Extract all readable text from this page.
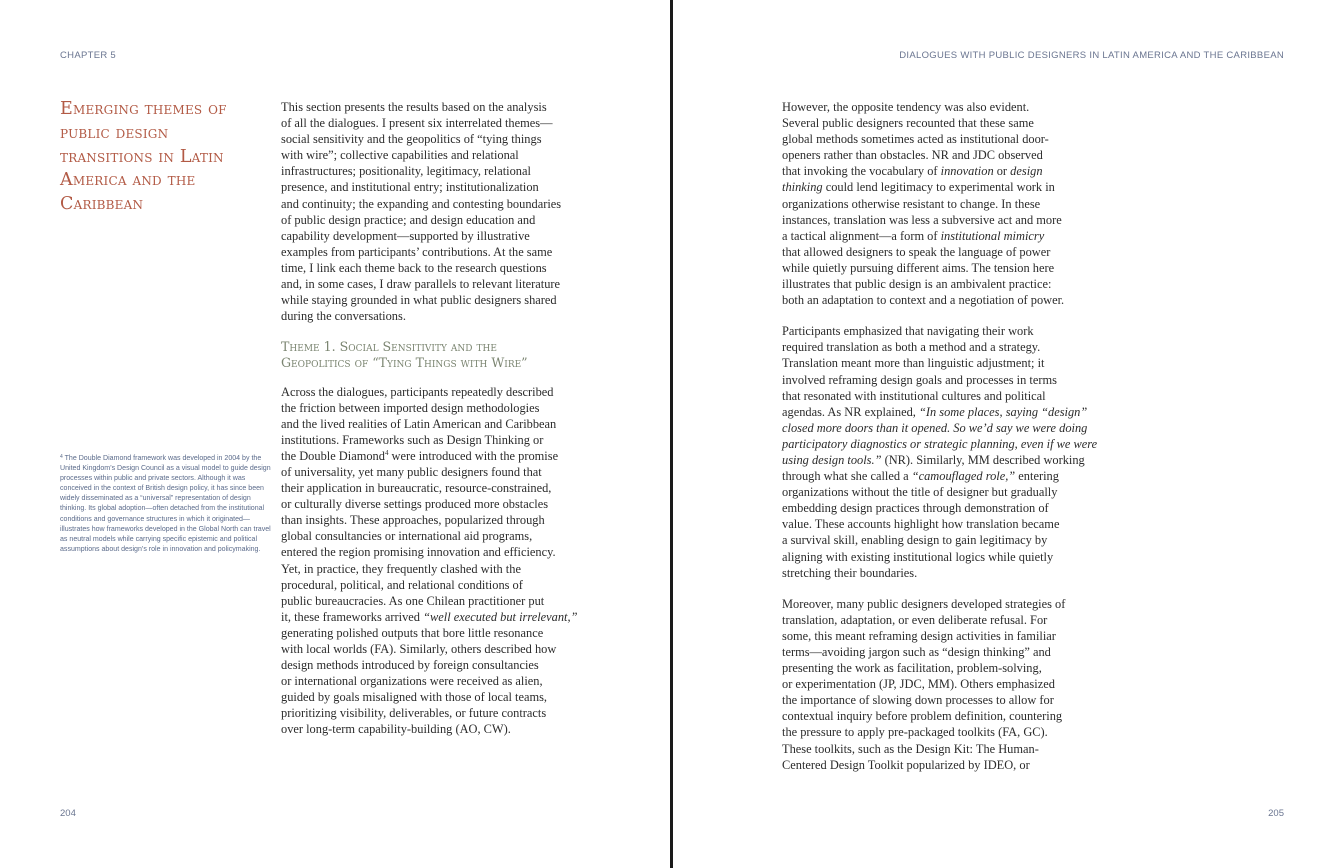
CHAPTER 5
Emerging themes of public design transitions in Latin America and the Caribbean
$^4$ The Double Diamond framework was developed in 2004 by the United Kingdom’s Design Council as a visual model to guide design processes within public and private sectors. Although it was conceived in the context of British design policy, it has since been widely disseminated as a “universal” representation of design thinking. Its global adoption—often detached from the institutional conditions and governance structures in which it originated—illustrates how frameworks developed in the Global North can travel as neutral models while carrying specific epistemic and political assumptions about design’s role in innovation and policymaking.

This section presents the results based on the analysis
of all the dialogues. I present six interrelated themes—
social sensitivity and the geopolitics of “tying things
with wire”; collective capabilities and relational
infrastructures; positionality, legitimacy, relational
presence, and institutional entry; institutionalization
and continuity; the expanding and contesting boundaries
of public design practice; and design education and
capability development—supported by illustrative
examples from participants’ contributions. At the same
time, I link each theme back to the research questions
and, in some cases, I draw parallels to relevant literature
while staying grounded in what public designers shared
during the conversations.

Theme 1. Social Sensitivity and the
Geopolitics of “Tying Things with Wire”

Across the dialogues, participants repeatedly described
the friction between imported design methodologies
and the lived realities of Latin American and Caribbean
institutions. Frameworks such as Design Thinking or
the Double Diamond$^4$ were introduced with the promise
of universality, yet many public designers found that
their application in bureaucratic, resource-constrained,
or culturally diverse settings produced more obstacles
than insights. These approaches, popularized through
global consultancies or international aid programs,
entered the region promising innovation and efficiency.
Yet, in practice, they frequently clashed with the
procedural, political, and relational conditions of
public bureaucracies. As one Chilean practitioner put
it, these frameworks arrived “well executed but irrelevant,”
generating polished outputs that bore little resonance
with local worlds (FA). Similarly, others described how
design methods introduced by foreign consultancies
or international organizations were received as alien,
guided by goals misaligned with those of local teams,
prioritizing visibility, deliverables, or future contracts
over long-term capability-building (AO, CW).

204
DIALOGUES WITH PUBLIC DESIGNERS IN LATIN AMERICA AND THE CARIBBEAN
205

However, the opposite tendency was also evident.
Several public designers recounted that these same
global methods sometimes acted as institutional door-
openers rather than obstacles. NR and JDC observed
that invoking the vocabulary of innovation or design
thinking could lend legitimacy to experimental work in
organizations otherwise resistant to change. In these
instances, translation was less a subversive act and more
a tactical alignment—a form of institutional mimicry
that allowed designers to speak the language of power
while quietly pursuing different aims. The tension here
illustrates that public design is an ambivalent practice:
both an adaptation to context and a negotiation of power.

Participants emphasized that navigating their work
required translation as both a method and a strategy.
Translation meant more than linguistic adjustment; it
involved reframing design goals and processes in terms
that resonated with institutional cultures and political
agendas. As NR explained, “In some places, saying “design”
closed more doors than it opened. So we’d say we were doing
participatory diagnostics or strategic planning, even if we were
using design tools.” (NR). Similarly, MM described working
through what she called a “camouflaged role,” entering
organizations without the title of designer but gradually
embedding design practices through demonstration of
value. These accounts highlight how translation became
a survival skill, enabling design to gain legitimacy by
aligning with existing institutional logics while quietly
stretching their boundaries.

Moreover, many public designers developed strategies of
translation, adaptation, or even deliberate refusal. For
some, this meant reframing design activities in familiar
terms—avoiding jargon such as “design thinking” and
presenting the work as facilitation, problem-solving,
or experimentation (JP, JDC, MM). Others emphasized
the importance of slowing down processes to allow for
contextual inquiry before problem definition, countering
the pressure to apply pre-packaged toolkits (FA, GC).
These toolkits, such as the Design Kit: The Human-
Centered Design Toolkit popularized by IDEO, or
